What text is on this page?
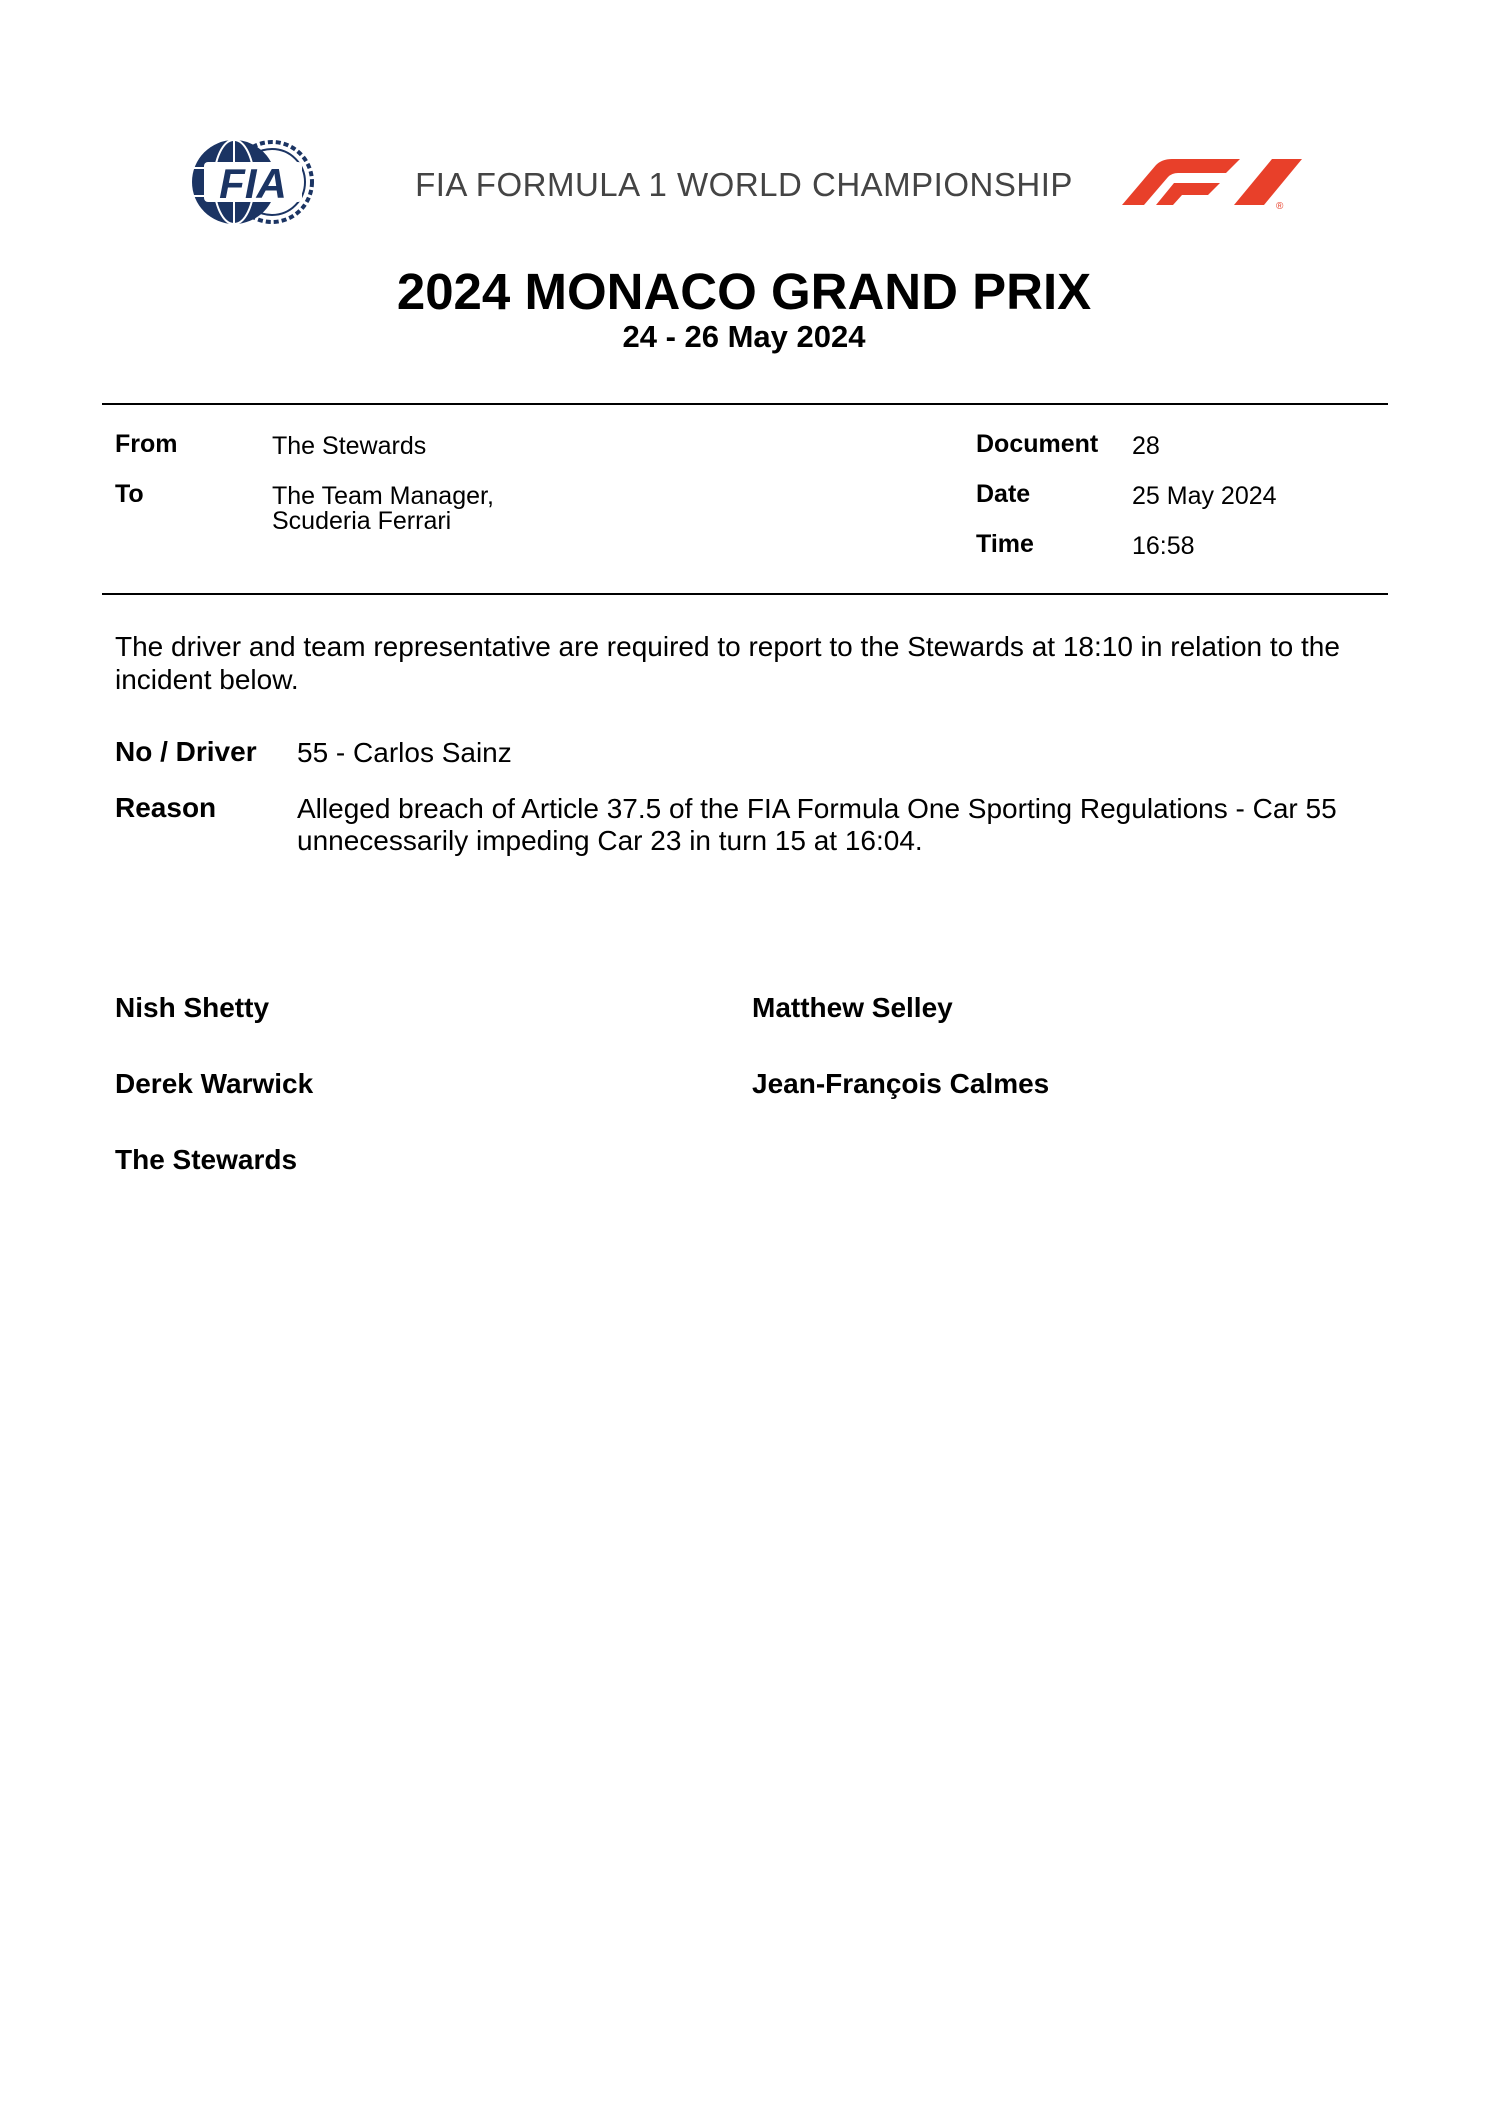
FIA	FIA FORMULA 1 WORLD CHAMPIONSHIP
®
2024 MONACO GRAND PRIX
24 - 26 May 2024
From	The Stewards
To	The Team Manager,
Scuderia Ferrari
Document 28
Date	25 May 2024
Time	16:58
The driver and team representative are required to report to the Stewards at 18:10 in relation to the
incident below.
No / Driver 55 - Carlos Sainz
Reason	Alleged breach of Article 37.5 of the FIA Formula One Sporting Regulations - Car 55
unnecessarily impeding Car 23 in turn 15 at 16:04.
Nish Shetty	Matthew Selley
Derek Warwick	Jean-François Calmes
The Stewards
